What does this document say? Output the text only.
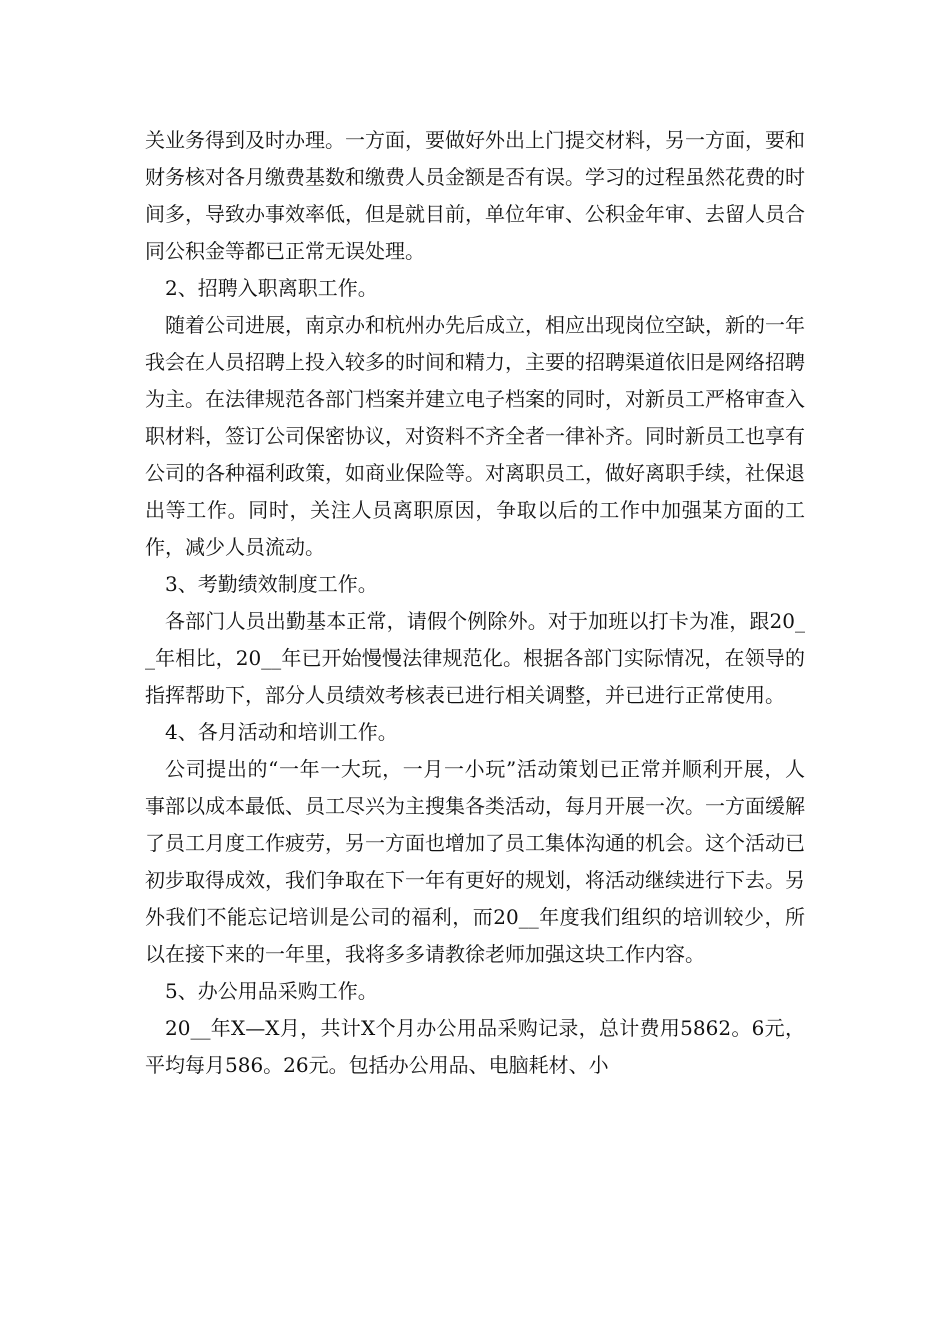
关业务得到及时办理。一方面，要做好外出上门提交材料，另一方面，要和财务核对各月缴费基数和缴费人员金额是否有误。学习的过程虽然花费的时间多，导致办事效率低，但是就目前，单位年审、公积金年审、去留人员合同公积金等都已正常无误处理。

2、招聘入职离职工作。

随着公司进展，南京办和杭州办先后成立，相应出现岗位空缺，新的一年我会在人员招聘上投入较多的时间和精力，主要的招聘渠道依旧是网络招聘为主。在法律规范各部门档案并建立电子档案的同时，对新员工严格审查入职材料，签订公司保密协议，对资料不齐全者一律补齐。同时新员工也享有公司的各种福利政策，如商业保险等。对离职员工，做好离职手续，社保退出等工作。同时，关注人员离职原因，争取以后的工作中加强某方面的工作，减少人员流动。

3、考勤绩效制度工作。

各部门人员出勤基本正常，请假个例除外。对于加班以打卡为准，跟20__年相比，20__年已开始慢慢法律规范化。根据各部门实际情况，在领导的指挥帮助下，部分人员绩效考核表已进行相关调整，并已进行正常使用。

4、各月活动和培训工作。

公司提出的“一年一大玩，一月一小玩”活动策划已正常并顺利开展，人事部以成本最低、员工尽兴为主搜集各类活动，每月开展一次。一方面缓解了员工月度工作疲劳，另一方面也增加了员工集体沟通的机会。这个活动已初步取得成效，我们争取在下一年有更好的规划，将活动继续进行下去。另外我们不能忘记培训是公司的福利，而20__年度我们组织的培训较少，所以在接下来的一年里，我将多多请教徐老师加强这块工作内容。

5、办公用品采购工作。

20__年X—X月，共计X个月办公用品采购记录，总计费用5862。6元，平均每月586。26元。包括办公用品、电脑耗材、小
